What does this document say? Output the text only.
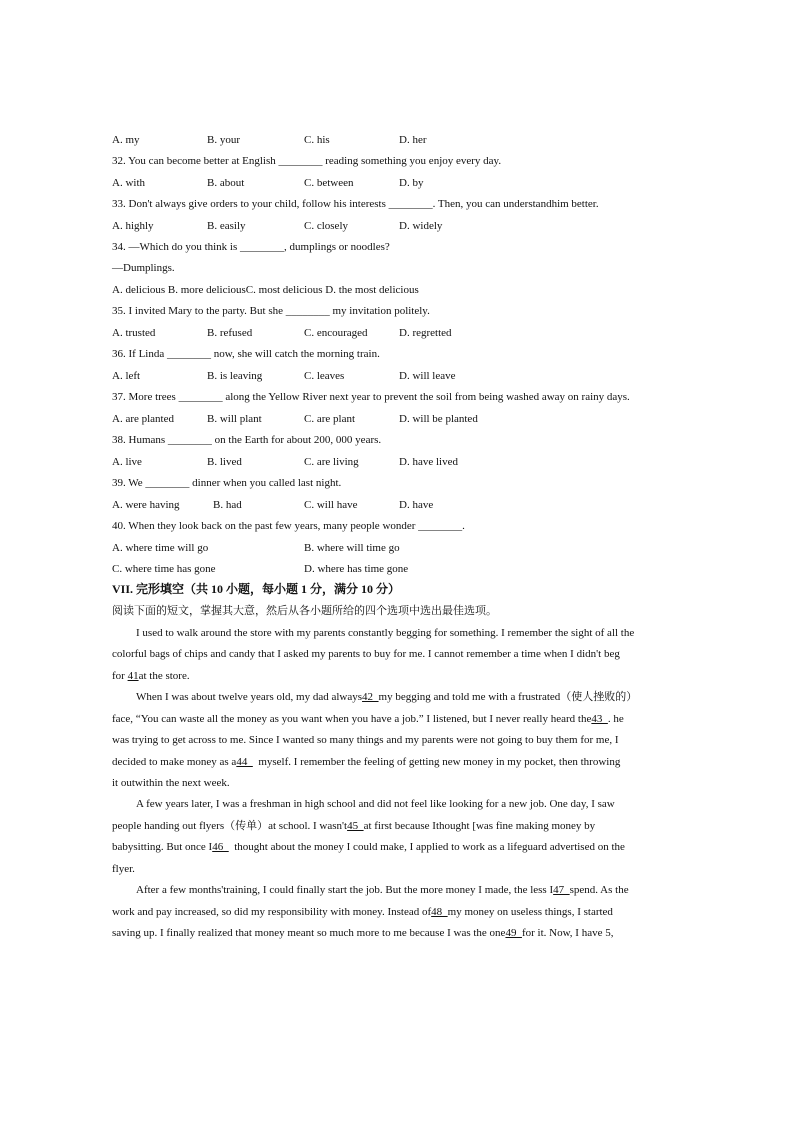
A. my	B. your	C. his	D. her
32. You can become better at English ________ reading something you enjoy every day.
A. with	B. about	C. between	D. by
33. Don't always give orders to your child, follow his interests ________. Then, you can understandhim better.
A. highly	B. easily	C. closely	D. widely
34. —Which do you think is ________, dumplings or noodles?
—Dumplings.
A. delicious B. more deliciousC. most delicious D. the most delicious
35. I invited Mary to the party. But she ________ my invitation politely.
A. trusted	B. refused	C. encouraged	D. regretted
36. If Linda ________ now, she will catch the morning train.
A. left	B. is leaving	C. leaves	D. will leave
37. More trees ________ along the Yellow River next year to prevent the soil from being washed away on rainy days.
A. are planted	B. will plant	C. are plant	D. will be planted
38. Humans ________ on the Earth for about 200, 000 years.
A. live	B. lived	C. are living	D. have lived
39. We ________ dinner when you called last night.
A. were having	B. had	C. will have	D. have
40. When they look back on the past few years, many people wonder ________.
A. where time will go	B. where will time go
C. where time has gone	D. where has time gone
VII. 完形填空（共 10 小题，每小题 1 分，满分 10 分）
阅读下面的短文，掌握其大意，然后从各小题所给的四个选项中选出最佳选项。
I used to walk around the store with my parents constantly begging for something. I remember the sight of all the
colorful bags of chips and candy that I asked my parents to buy for me. I cannot remember a time when I didn't beg
for 41at the store.
When I was about twelve years old, my dad always42  my begging and told me with a frustrated（使人挫败的）
face, “You can waste all the money as you want when you have a job.” I listened, but I never really heard the43  . he
was trying to get across to me. Since I wanted so many things and my parents were not going to buy them for me, I
decided to make money as a44    myself. I remember the feeling of getting new money in my pocket, then throwing
it outwithin the next week.
A few years later, I was a freshman in high school and did not feel like looking for a new job. One day, I saw
people handing out flyers（传单）at school. I wasn't45  at first because Ithought [was fine making money by
babysitting. But once I46    thought about the money I could make, I applied to work as a lifeguard advertised on the
flyer.
After a few months'training, I could finally start the job. But the more money I made, the less I47  spend. As the
work and pay increased, so did my responsibility with money. Instead of48  my money on useless things, I started
saving up. I finally realized that money meant so much more to me because I was the one49  for it. Now, I have 5,
